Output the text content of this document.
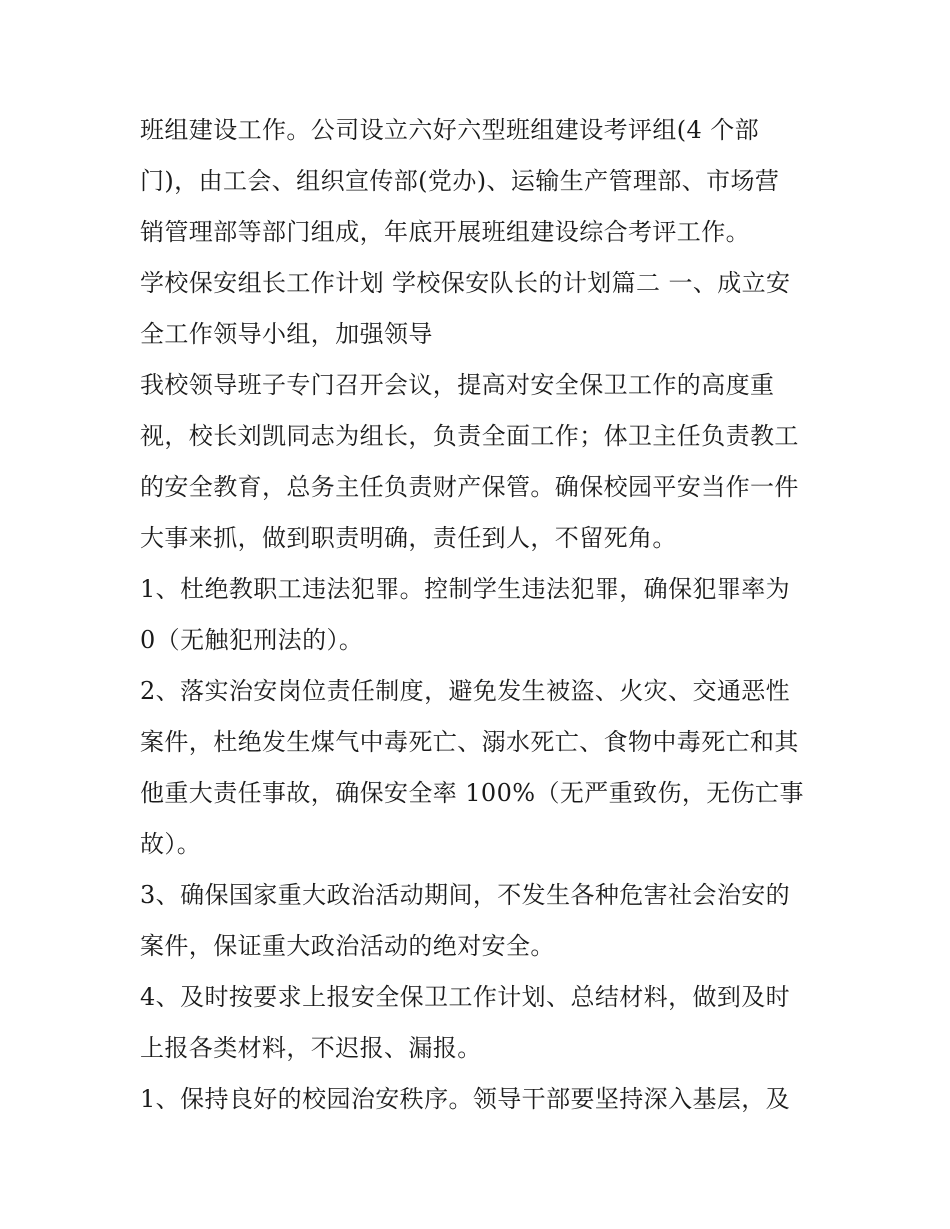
班组建设工作。公司设立六好六型班组建设考评组(4 个部

门)，由工会、组织宣传部(党办)、运输生产管理部、市场营

销管理部等部门组成，年底开展班组建设综合考评工作。

学校保安组长工作计划 学校保安队长的计划篇二 一、成立安

全工作领导小组，加强领导

我校领导班子专门召开会议，提高对安全保卫工作的高度重

视，校长刘凯同志为组长，负责全面工作；体卫主任负责教工

的安全教育，总务主任负责财产保管。确保校园平安当作一件

大事来抓，做到职责明确，责任到人，不留死角。

1、杜绝教职工违法犯罪。控制学生违法犯罪，确保犯罪率为

0（无触犯刑法的）。

2、落实治安岗位责任制度，避免发生被盗、火灾、交通恶性

案件，杜绝发生煤气中毒死亡、溺水死亡、食物中毒死亡和其

他重大责任事故，确保安全率 100%（无严重致伤，无伤亡事

故）。

3、确保国家重大政治活动期间，不发生各种危害社会治安的

案件，保证重大政治活动的绝对安全。

4、及时按要求上报安全保卫工作计划、总结材料，做到及时

上报各类材料，不迟报、漏报。

1、保持良好的校园治安秩序。领导干部要坚持深入基层，及
